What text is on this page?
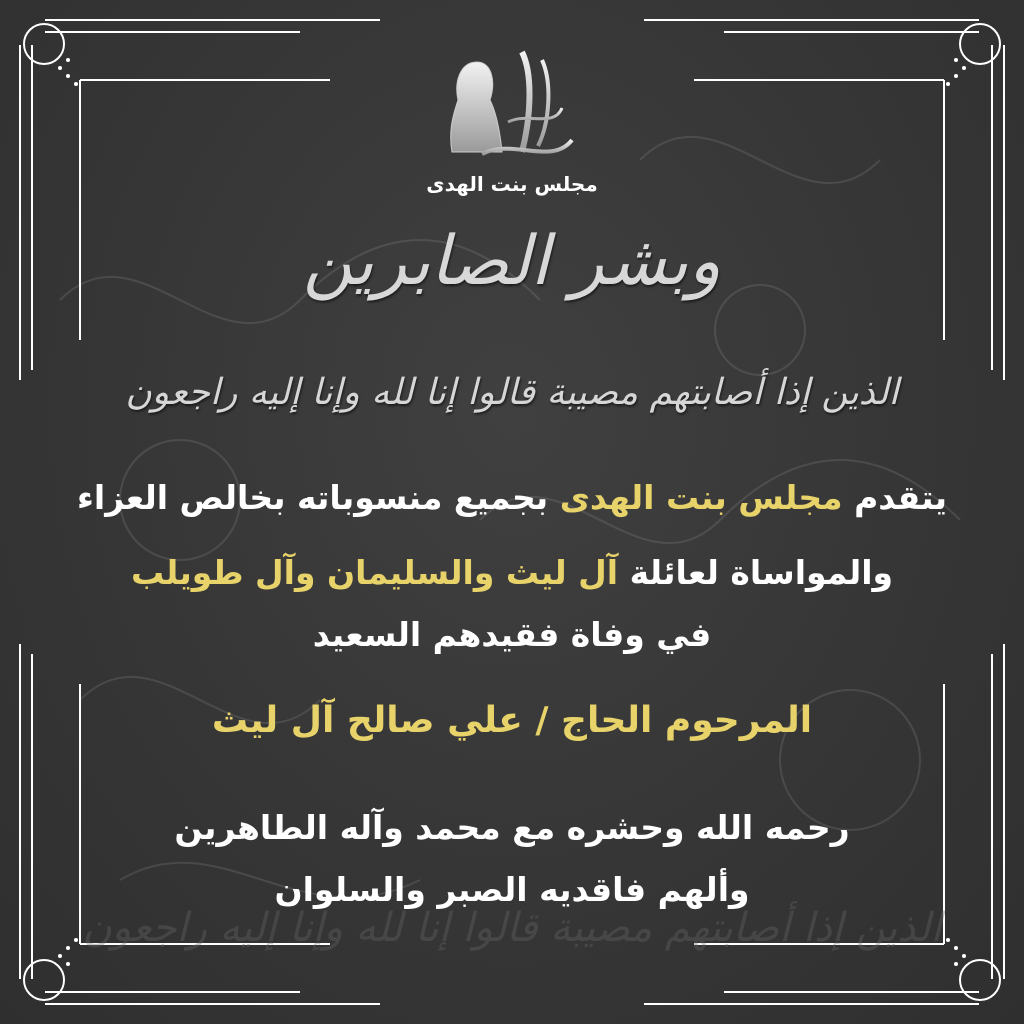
مجلس بنت الهدى
وبشر الصابرين
الذين إذا أصابتهم مصيبة قالوا إنا لله وإنا إليه راجعون
الذين إذا أصابتهم مصيبة قالوا إنا لله وإنا إليه راجعون
يتقدم مجلس بنت الهدى بجميع منسوباته بخالص العزاء
والمواساة لعائلة آل ليث والسليمان وآل طويلب
في وفاة فقيدهم السعيد
المرحوم الحاج / علي صالح آل ليث
رحمه الله وحشره مع محمد وآله الطاهرين
وألهم فاقديه الصبر والسلوان
